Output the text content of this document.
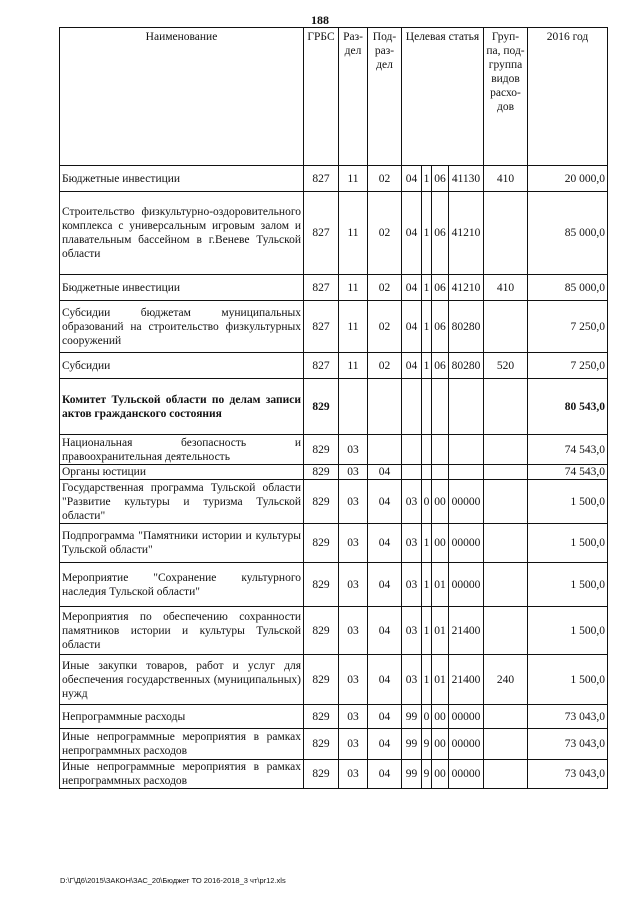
188
Наименование	ГРБС	Раз-дел	Под-раз-дел	Целевая статья				Груп-па, под-группа видов расхо-дов	2016 год
Бюджетные инвестиции	827	11	02	04	1	06	41130	410	20 000,0
Строительство физкультурно-оздоровительного комплекса с универсальным игровым залом и плавательным бассейном в г.Веневе Тульской области	827	11	02	04	1	06	41210		85 000,0
Бюджетные инвестиции	827	11	02	04	1	06	41210	410	85 000,0
Субсидии бюджетам муниципальных образований на строительство физкультурных сооружений	827	11	02	04	1	06	80280		7 250,0
Субсидии	827	11	02	04	1	06	80280	520	7 250,0
Комитет Тульской области по делам записи актов гражданского состояния	829								80 543,0
Национальная безопасность и правоохранительная деятельность	829	03							74 543,0
Органы юстиции	829	03	04						74 543,0
Государственная программа Тульской области "Развитие культуры и туризма Тульской области"	829	03	04	03	0	00	00000		1 500,0
Подпрограмма "Памятники истории и культуры Тульской области"	829	03	04	03	1	00	00000		1 500,0
Мероприятие "Сохранение культурного наследия Тульской области"	829	03	04	03	1	01	00000		1 500,0
Мероприятия по обеспечению сохранности памятников истории и культуры Тульской области	829	03	04	03	1	01	21400		1 500,0
Иные закупки товаров, работ и услуг для обеспечения государственных (муниципальных) нужд	829	03	04	03	1	01	21400	240	1 500,0
Непрограммные расходы	829	03	04	99	0	00	00000		73 043,0
Иные непрограммные мероприятия в рамках непрограммных расходов	829	03	04	99	9	00	00000		73 043,0
Иные непрограммные мероприятия в рамках непрограммных расходов	829	03	04	99	9	00	00000		73 043,0
D:\Г\Д6\2015\ЗАКОН\ЗАС_20\Бюджет ТО 2016-2018_3 чт\pr12.xls
